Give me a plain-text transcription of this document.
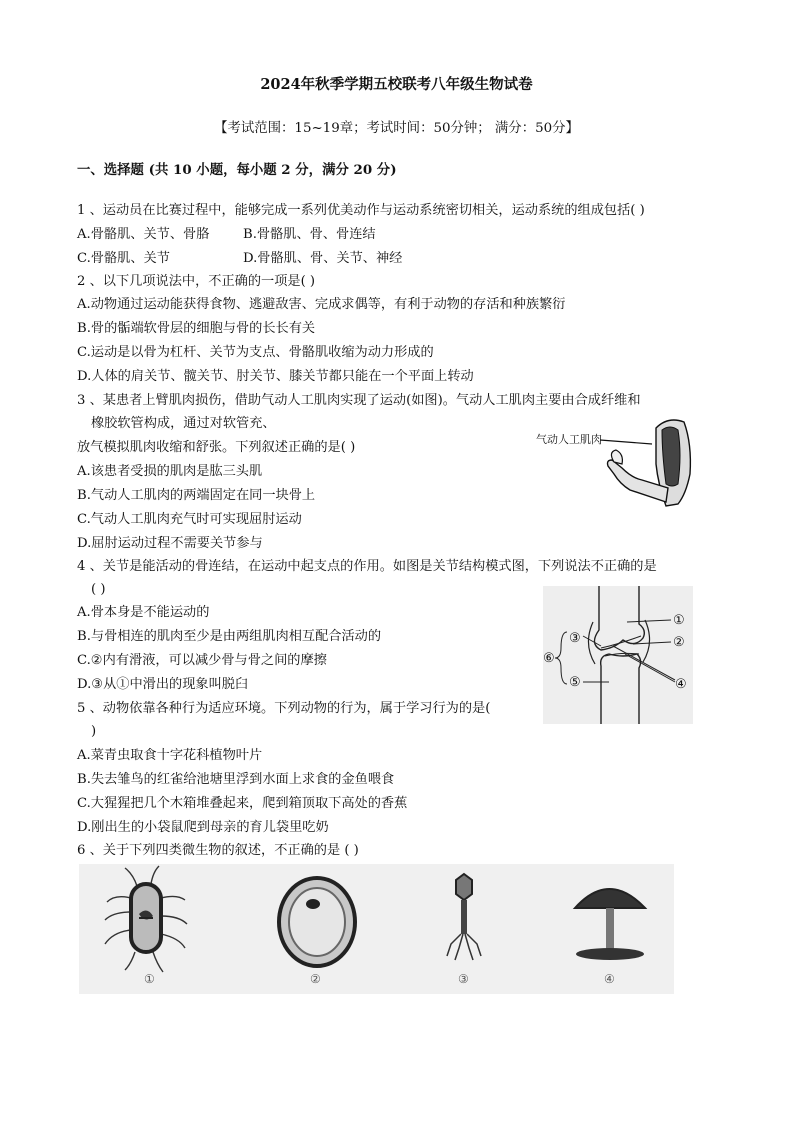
2024年秋季学期五校联考八年级生物试卷
【考试范围：15~19章；考试时间：50分钟； 满分：50分】
一、选择题 (共 10 小题，每小题 2 分，满分 20 分)
1 、运动员在比赛过程中，能够完成一系列优美动作与运动系统密切相关，运动系统的组成包括( )
A.骨骼肌、关节、骨胳	B.骨骼肌、骨、骨连结
C.骨骼肌、关节	D.骨骼肌、骨、关节、神经
2 、以下几项说法中，不正确的一项是( )
A.动物通过运动能获得食物、逃避敌害、完成求偶等，有利于动物的存活和种族繁衍
B.骨的骺端软骨层的细胞与骨的长长有关
C.运动是以骨为杠杆、关节为支点、骨骼肌收缩为动力形成的
D.人体的肩关节、髋关节、肘关节、膝关节都只能在一个平面上转动
3 、某患者上臂肌肉损伤，借助气动人工肌肉实现了运动(如图)。气动人工肌肉主要由合成纤维和
橡胶软管构成，通过对软管充、
放气模拟肌肉收缩和舒张。下列叙述正确的是( )
A.该患者受损的肌肉是肱三头肌
B.气动人工肌肉的两端固定在同一块骨上
C.气动人工肌肉充气时可实现屈肘运动
D.屈肘运动过程不需要关节参与
气动人工肌肉
4 、关节是能活动的骨连结，在运动中起支点的作用。如图是关节结构模式图，下列说法不正确的是
( )
A.骨本身是不能运动的
B.与骨相连的肌肉至少是由两组肌肉相互配合活动的
C.②内有滑液，可以减少骨与骨之间的摩擦
D.③从①中滑出的现象叫脱臼
①
②
③
④
⑤
⑥
5 、动物依靠各种行为适应环境。下列动物的行为，属于学习行为的是(
)
A.菜青虫取食十字花科植物叶片
B.失去雏鸟的红雀给池塘里浮到水面上求食的金鱼喂食
C.大猩猩把几个木箱堆叠起来，爬到箱顶取下高处的香蕉
D.刚出生的小袋鼠爬到母亲的育儿袋里吃奶
6 、关于下列四类微生物的叙述，不正确的是 ( )
①	②	③	④
